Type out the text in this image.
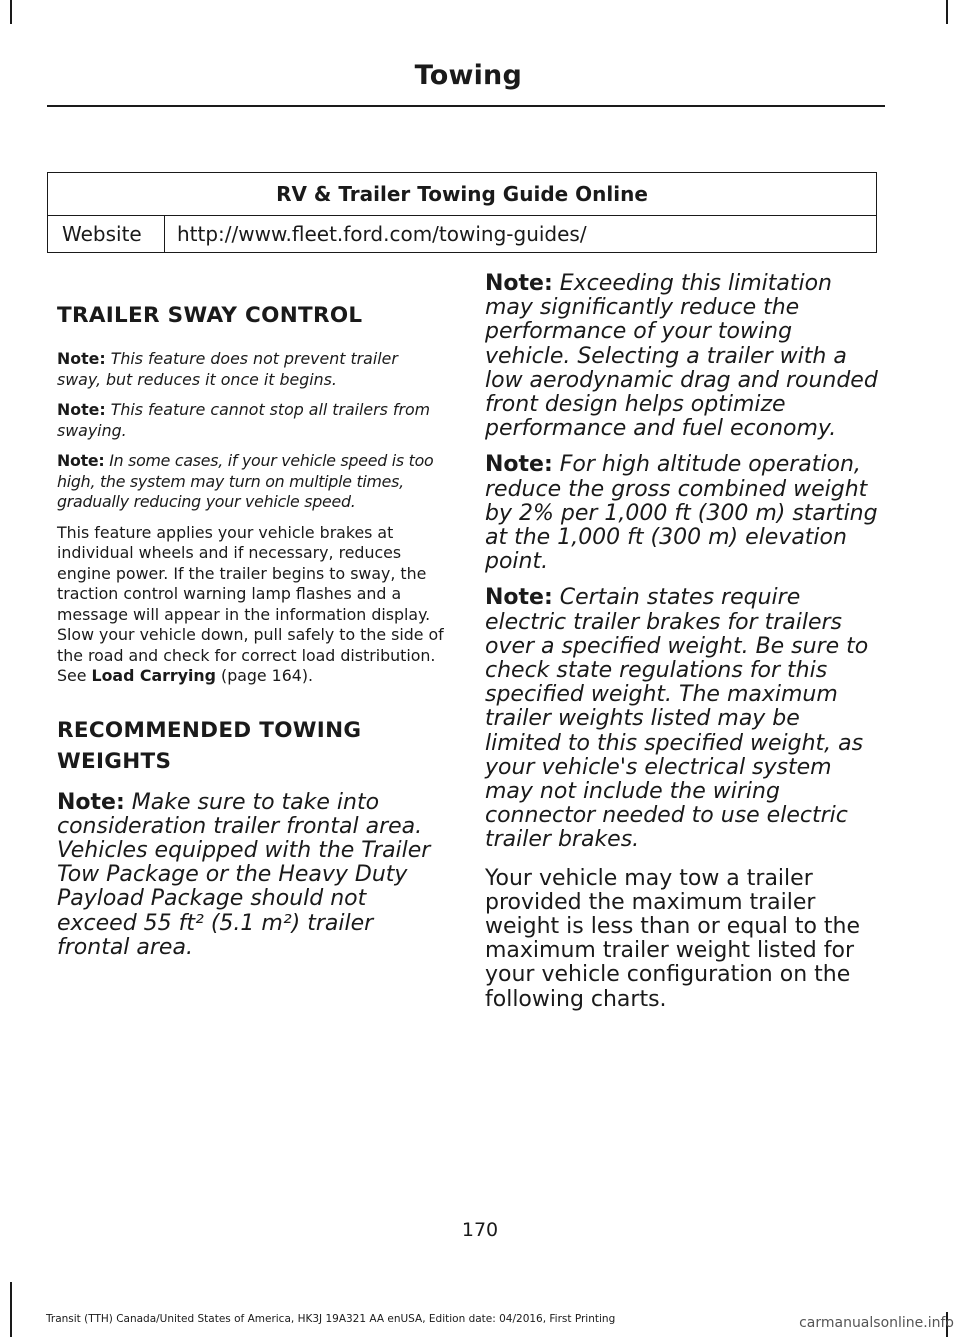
Towing
RV & Trailer Towing Guide Online
Website	http://www.fleet.ford.com/towing-guides/
TRAILER SWAY CONTROL

Note: This feature does not prevent trailer sway, but reduces it once it begins.

Note: This feature cannot stop all trailers from swaying.

Note: In some cases, if your vehicle speed is too high, the system may turn on multiple times, gradually reducing your vehicle speed.

This feature applies your vehicle brakes at individual wheels and if necessary, reduces engine power. If the trailer begins to sway, the traction control warning lamp flashes and a message will appear in the information display. Slow your vehicle down, pull safely to the side of the road and check for correct load distribution. See Load Carrying (page 164).

RECOMMENDED TOWING
WEIGHTS

Note: Make sure to take into consideration trailer frontal area. Vehicles equipped with the Trailer Tow Package or the Heavy Duty Payload Package should not exceed 55 ft² (5.1 m²) trailer frontal area.

Note: Exceeding this limitation may significantly reduce the performance of your towing vehicle. Selecting a trailer with a low aerodynamic drag and rounded front design helps optimize performance and fuel economy.

Note: For high altitude operation, reduce the gross combined weight by 2% per 1,000 ft (300 m) starting at the 1,000 ft (300 m) elevation point.

Note: Certain states require electric trailer brakes for trailers over a specified weight. Be sure to check state regulations for this specified weight. The maximum trailer weights listed may be limited to this specified weight, as your vehicle's electrical system may not include the wiring connector needed to use electric trailer brakes.

Your vehicle may tow a trailer provided the maximum trailer weight is less than or equal to the maximum trailer weight listed for your vehicle configuration on the following charts.

170
Transit (TTH) Canada/United States of America, HK3J 19A321 AA enUSA, Edition date: 04/2016, First Printing	carmanualsonline.info
